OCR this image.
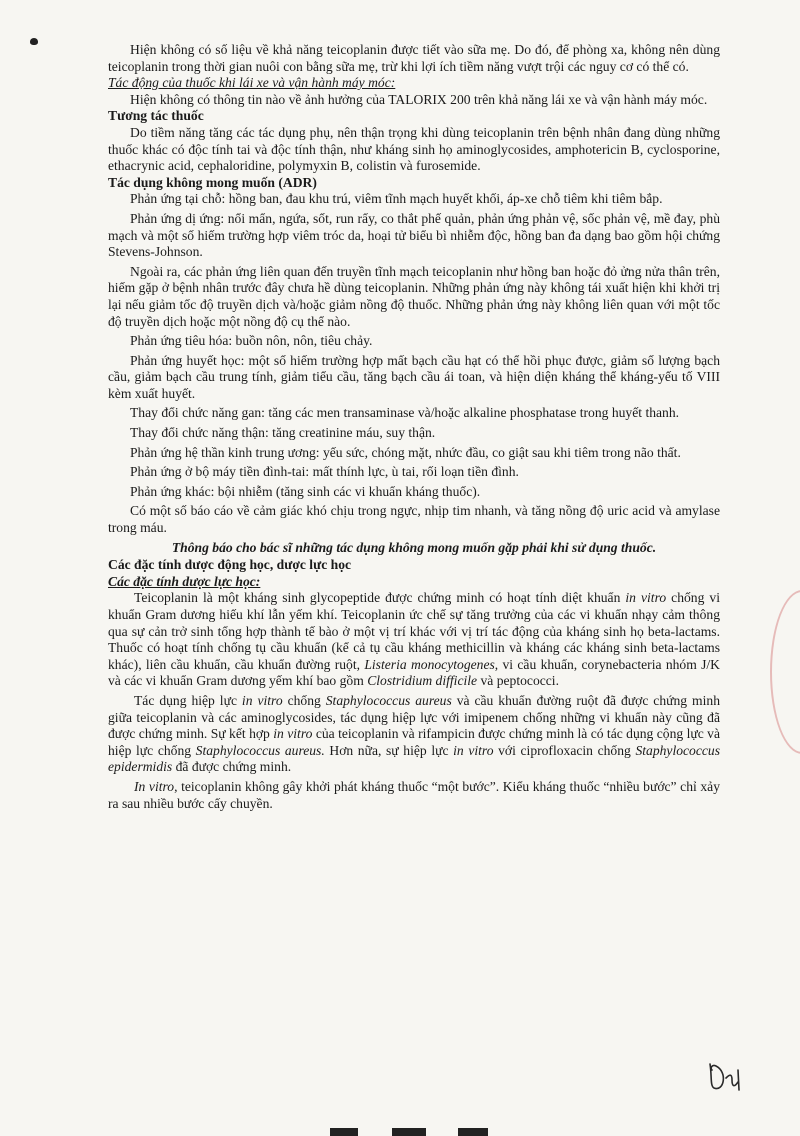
Hiện không có số liệu về khả năng teicoplanin được tiết vào sữa mẹ. Do đó, để phòng xa, không nên dùng teicoplanin trong thời gian nuôi con bằng sữa mẹ, trừ khi lợi ích tiềm năng vượt trội các nguy cơ có thể có.

Tác động của thuốc khi lái xe và vận hành máy móc:

Hiện không có thông tin nào về ảnh hưởng của TALORIX 200 trên khả năng lái xe và vận hành máy móc.

Tương tác thuốc

Do tiềm năng tăng các tác dụng phụ, nên thận trọng khi dùng teicoplanin trên bệnh nhân đang dùng những thuốc khác có độc tính tai và độc tính thận, như kháng sinh họ aminoglycosides, amphotericin B, cyclosporine, ethacrynic acid, cephaloridine, polymyxin B, colistin và furosemide.

Tác dụng không mong muốn (ADR)

Phản ứng tại chỗ: hồng ban, đau khu trú, viêm tĩnh mạch huyết khối, áp-xe chỗ tiêm khi tiêm bắp.

Phản ứng dị ứng: nổi mẩn, ngứa, sốt, run rẩy, co thắt phế quản, phản ứng phản vệ, sốc phản vệ, mề đay, phù mạch và một số hiếm trường hợp viêm tróc da, hoại tử biểu bì nhiễm độc, hồng ban đa dạng bao gồm hội chứng Stevens-Johnson.

Ngoài ra, các phản ứng liên quan đến truyền tĩnh mạch teicoplanin như hồng ban hoặc đỏ ửng nửa thân trên, hiếm gặp ở bệnh nhân trước đây chưa hề dùng teicoplanin. Những phản ứng này không tái xuất hiện khi khởi trị lại nếu giảm tốc độ truyền dịch và/hoặc giảm nồng độ thuốc. Những phản ứng này không liên quan với một tốc độ truyền dịch hoặc một nồng độ cụ thể nào.

Phản ứng tiêu hóa: buồn nôn, nôn, tiêu chảy.

Phản ứng huyết học: một số hiếm trường hợp mất bạch cầu hạt có thể hồi phục được, giảm số lượng bạch cầu, giảm bạch cầu trung tính, giảm tiểu cầu, tăng bạch cầu ái toan, và hiện diện kháng thể kháng-yếu tố VIII kèm xuất huyết.

Thay đổi chức năng gan: tăng các men transaminase và/hoặc alkaline phosphatase trong huyết thanh.

Thay đổi chức năng thận: tăng creatinine máu, suy thận.

Phản ứng hệ thần kinh trung ương: yếu sức, chóng mặt, nhức đầu, co giật sau khi tiêm trong não thất.

Phản ứng ở bộ máy tiền đình-tai: mất thính lực, ù tai, rối loạn tiền đình.

Phản ứng khác: bội nhiễm (tăng sinh các vi khuẩn kháng thuốc).

Có một số báo cáo về cảm giác khó chịu trong ngực, nhịp tim nhanh, và tăng nồng độ uric acid và amylase trong máu.

Thông báo cho bác sĩ những tác dụng không mong muốn gặp phải khi sử dụng thuốc.

Các đặc tính dược động học, dược lực học

Các đặc tính dược lực học:

Teicoplanin là một kháng sinh glycopeptide được chứng minh có hoạt tính diệt khuẩn in vitro chống vi khuẩn Gram dương hiếu khí lẫn yếm khí. Teicoplanin ức chế sự tăng trưởng của các vi khuẩn nhạy cảm thông qua sự cản trở sinh tổng hợp thành tế bào ở một vị trí khác với vị trí tác động của kháng sinh họ beta-lactams. Thuốc có hoạt tính chống tụ cầu khuẩn (kể cả tụ cầu kháng methicillin và kháng các kháng sinh beta-lactams khác), liên cầu khuẩn, cầu khuẩn đường ruột, Listeria monocytogenes, vi cầu khuẩn, corynebacteria nhóm J/K và các vi khuẩn Gram dương yếm khí bao gồm Clostridium difficile và peptococci.

Tác dụng hiệp lực in vitro chống Staphylococcus aureus và cầu khuẩn đường ruột đã được chứng minh giữa teicoplanin và các aminoglycosides, tác dụng hiệp lực với imipenem chống những vi khuẩn này cũng đã được chứng minh. Sự kết hợp in vitro của teicoplanin và rifampicin được chứng minh là có tác dụng cộng lực và hiệp lực chống Staphylococcus aureus. Hơn nữa, sự hiệp lực in vitro với ciprofloxacin chống Staphylococcus epidermidis đã được chứng minh.

In vitro, teicoplanin không gây khởi phát kháng thuốc “một bước”. Kiểu kháng thuốc “nhiều bước” chỉ xảy ra sau nhiều bước cấy chuyền.
